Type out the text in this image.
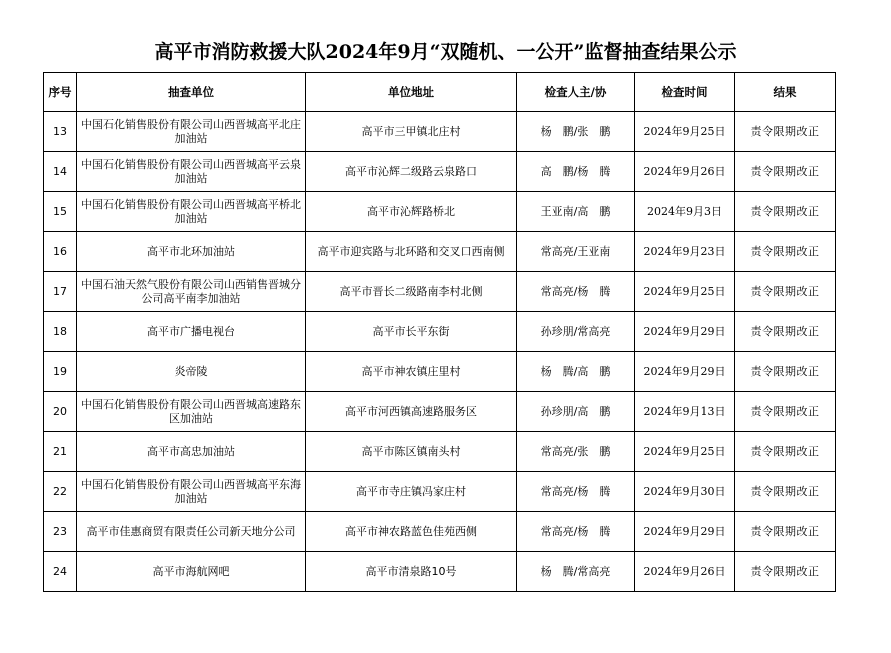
高平市消防救援大队2024年9月“双随机、一公开”监督抽查结果公示
序号	抽查单位	单位地址	检查人主/协	检查时间	结果
13	中国石化销售股份有限公司山西晋城高平北庄加油站	高平市三甲镇北庄村	杨　鹏/张　鹏	2024年9月25日	责令限期改正
14	中国石化销售股份有限公司山西晋城高平云泉加油站	高平市沁辉二级路云泉路口	高　鹏/杨　腾	2024年9月26日	责令限期改正
15	中国石化销售股份有限公司山西晋城高平桥北加油站	高平市沁辉路桥北	王亚南/高　鹏	2024年9月3日	责令限期改正
16	高平市北环加油站	高平市迎宾路与北环路和交叉口西南侧	常高亮/王亚南	2024年9月23日	责令限期改正
17	中国石油天然气股份有限公司山西销售晋城分公司高平南李加油站	高平市晋长二级路南李村北侧	常高亮/杨　腾	2024年9月25日	责令限期改正
18	高平市广播电视台	高平市长平东街	孙珍朋/常高亮	2024年9月29日	责令限期改正
19	炎帝陵	高平市神农镇庄里村	杨　腾/高　鹏	2024年9月29日	责令限期改正
20	中国石化销售股份有限公司山西晋城高速路东区加油站	高平市河西镇高速路服务区	孙珍朋/高　鹏	2024年9月13日	责令限期改正
21	高平市高忠加油站	高平市陈区镇南头村	常高亮/张　鹏	2024年9月25日	责令限期改正
22	中国石化销售股份有限公司山西晋城高平东海加油站	高平市寺庄镇冯家庄村	常高亮/杨　腾	2024年9月30日	责令限期改正
23	高平市佳惠商贸有限责任公司新天地分公司	高平市神农路蓝色佳苑西侧	常高亮/杨　腾	2024年9月29日	责令限期改正
24	高平市海航网吧	高平市清泉路10号	杨　腾/常高亮	2024年9月26日	责令限期改正
